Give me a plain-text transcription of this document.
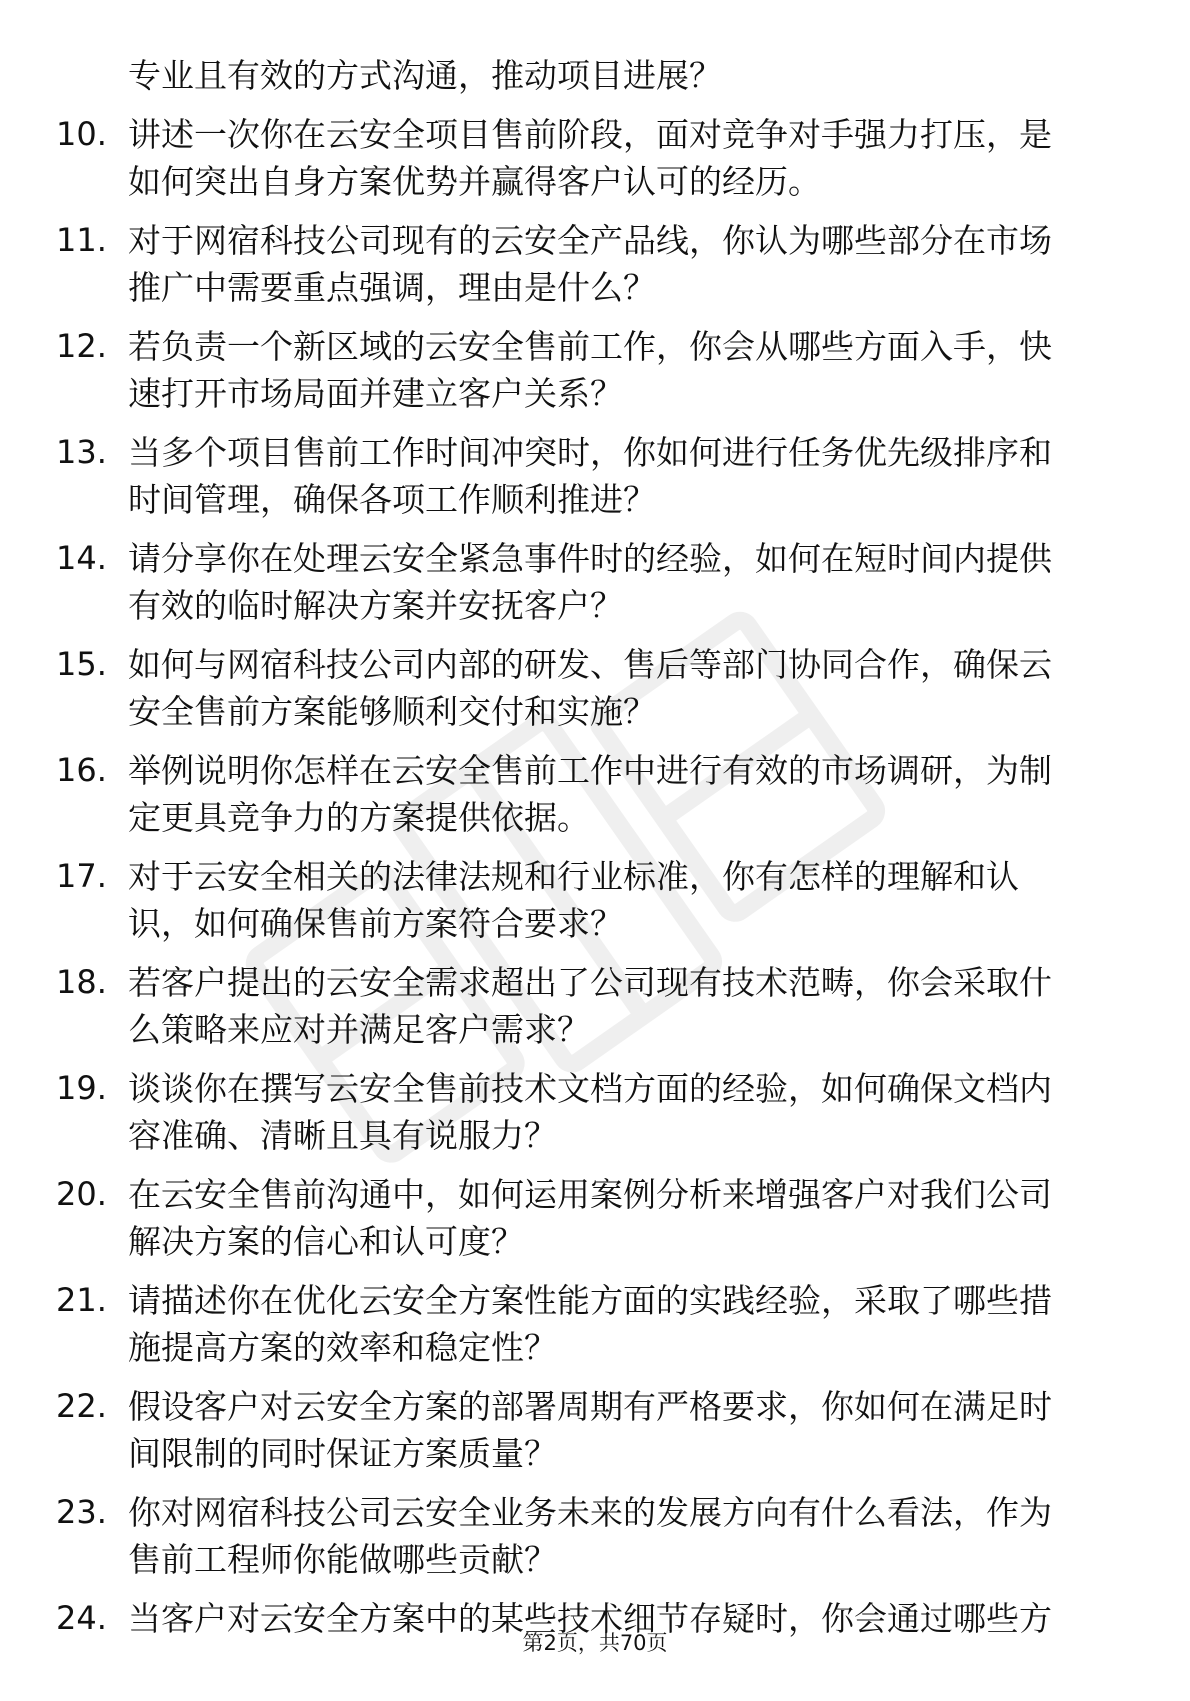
专业且有效的方式沟通，推动项目进展？
10. 讲述一次你在云安全项目售前阶段，面对竞争对手强力打压，是
如何突出自身方案优势并赢得客户认可的经历。
11. 对于网宿科技公司现有的云安全产品线，你认为哪些部分在市场
推广中需要重点强调，理由是什么？
12. 若负责一个新区域的云安全售前工作，你会从哪些方面入手，快
速打开市场局面并建立客户关系？
13. 当多个项目售前工作时间冲突时，你如何进行任务优先级排序和
时间管理，确保各项工作顺利推进？
14. 请分享你在处理云安全紧急事件时的经验，如何在短时间内提供
有效的临时解决方案并安抚客户？
15. 如何与网宿科技公司内部的研发、售后等部门协同合作，确保云
安全售前方案能够顺利交付和实施？
16. 举例说明你怎样在云安全售前工作中进行有效的市场调研，为制
定更具竞争力的方案提供依据。
17. 对于云安全相关的法律法规和行业标准，你有怎样的理解和认
识，如何确保售前方案符合要求？
18. 若客户提出的云安全需求超出了公司现有技术范畴，你会采取什
么策略来应对并满足客户需求？
19. 谈谈你在撰写云安全售前技术文档方面的经验，如何确保文档内
容准确、清晰且具有说服力？
20. 在云安全售前沟通中，如何运用案例分析来增强客户对我们公司
解决方案的信心和认可度？
21. 请描述你在优化云安全方案性能方面的实践经验，采取了哪些措
施提高方案的效率和稳定性？
22. 假设客户对云安全方案的部署周期有严格要求，你如何在满足时
间限制的同时保证方案质量？
23. 你对网宿科技公司云安全业务未来的发展方向有什么看法，作为
售前工程师你能做哪些贡献？
24. 当客户对云安全方案中的某些技术细节存疑时，你会通过哪些方
第2页，共70页
